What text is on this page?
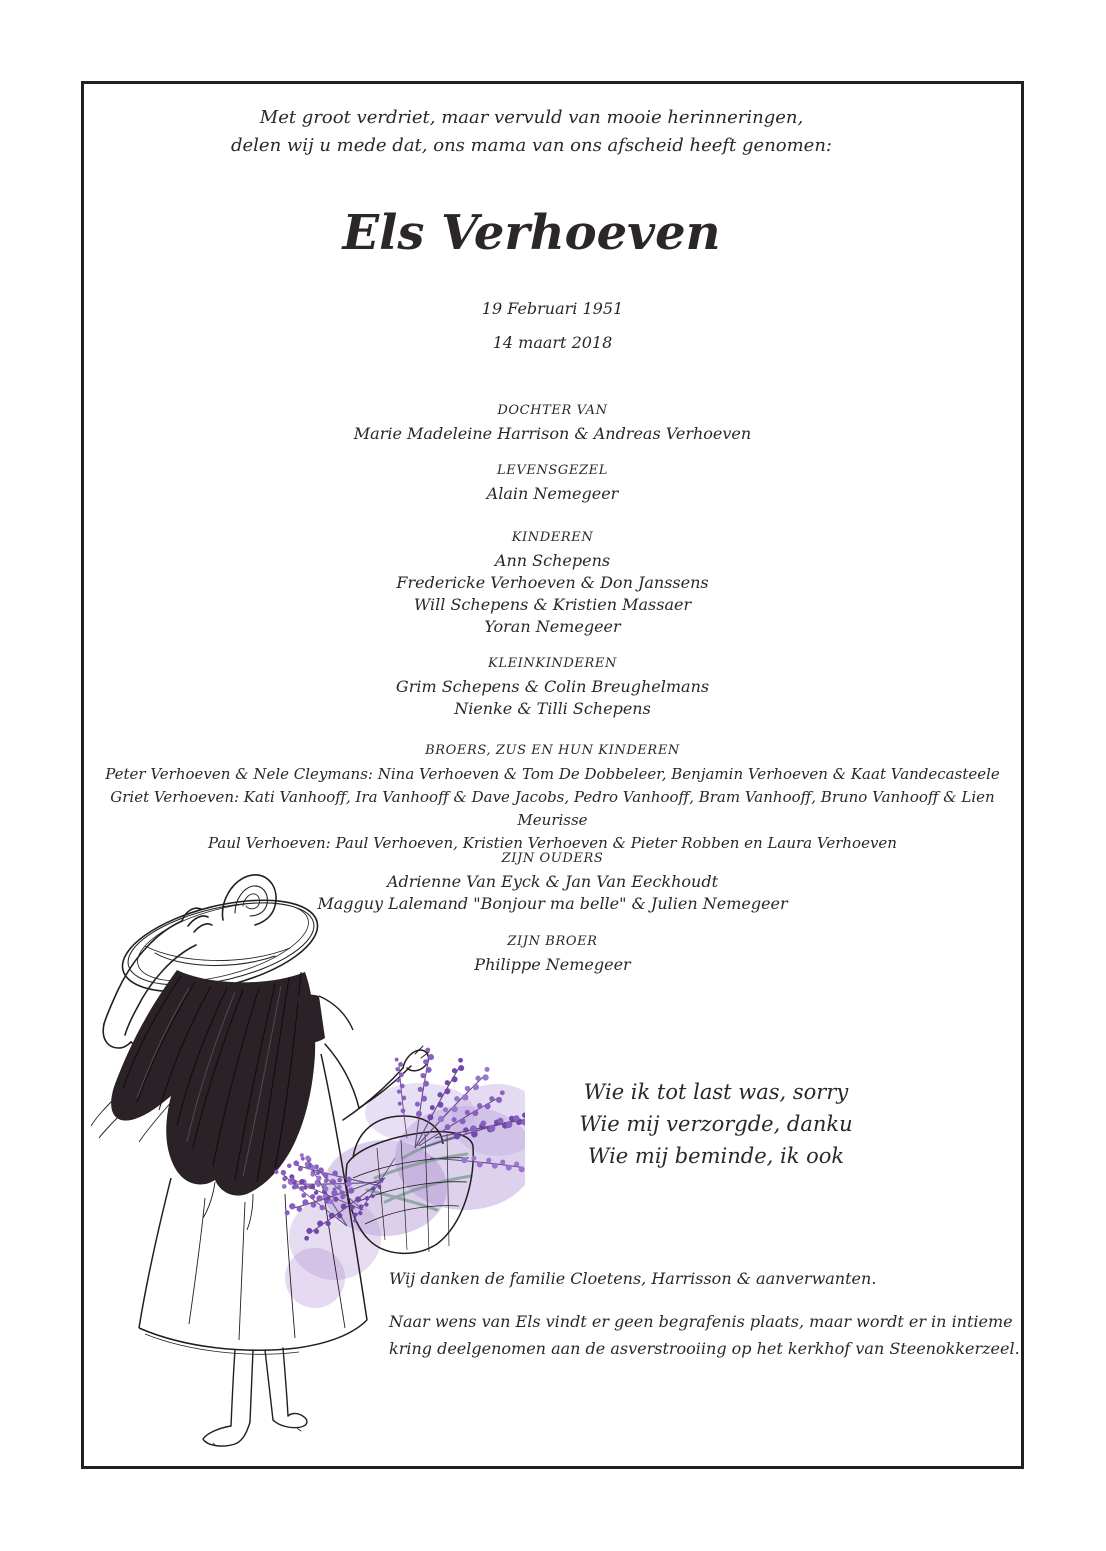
Met groot verdriet, maar vervuld van mooie herinneringen,
delen wij u mede dat, ons mama van ons afscheid heeft genomen:
Els Verhoeven
19 Februari 1951
14 maart 2018
DOCHTER VAN
Marie Madeleine Harrison & Andreas Verhoeven
LEVENSGEZEL
Alain Nemegeer
KINDEREN
Ann Schepens
Fredericke Verhoeven & Don Janssens
Will Schepens & Kristien Massaer
Yoran Nemegeer
KLEINKINDEREN
Grim Schepens & Colin Breughelmans
Nienke & Tilli Schepens
BROERS, ZUS EN HUN KINDEREN
Peter Verhoeven & Nele Cleymans: Nina Verhoeven & Tom De Dobbeleer, Benjamin Verhoeven & Kaat Vandecasteele
Griet Verhoeven: Kati Vanhooff, Ira Vanhooff & Dave Jacobs, Pedro Vanhooff, Bram Vanhooff, Bruno Vanhooff & Lien Meurisse
Paul Verhoeven: Paul Verhoeven, Kristien Verhoeven & Pieter Robben en Laura Verhoeven
ZIJN OUDERS
Adrienne Van Eyck & Jan Van Eeckhoudt
Magguy Lalemand "Bonjour ma belle" & Julien Nemegeer
ZIJN BROER
Philippe Nemegeer
Wie ik tot last was, sorry
Wie mij verzorgde, danku
Wie mij beminde, ik ook
Wij danken de familie Cloetens, Harrisson & aanverwanten.
Naar wens van Els vindt er geen begrafenis plaats, maar wordt er in intieme kring deelgenomen aan de asverstrooiing op het kerkhof van Steenokkerzeel.
